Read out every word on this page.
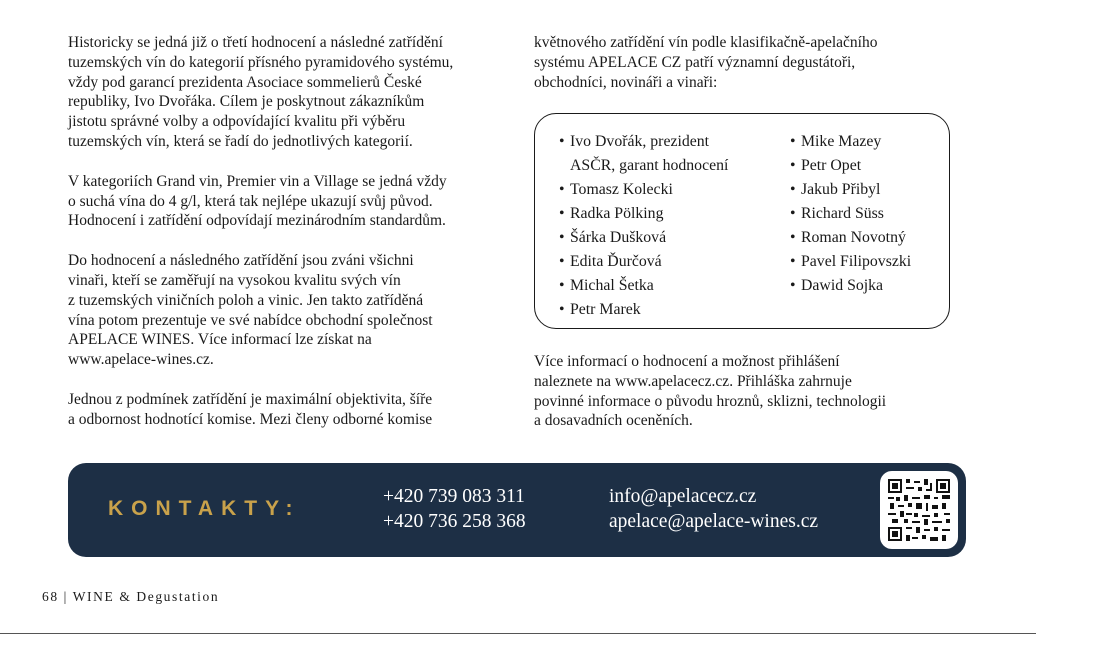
Historicky se jedná již o třetí hodnocení a následné zatřídění
tuzemských vín do kategorií přísného pyramidového systému,
vždy pod garancí prezidenta Asociace sommelierů České
republiky, Ivo Dvořáka. Cílem je poskytnout zákazníkům
jistotu správné volby a odpovídající kvalitu při výběru
tuzemských vín, která se řadí do jednotlivých kategorií.

V kategoriích Grand vin, Premier vin a Village se jedná vždy
o suchá vína do 4 g/l, která tak nejlépe ukazují svůj původ.
Hodnocení i zatřídění odpovídají mezinárodním standardům.

Do hodnocení a následného zatřídění jsou zváni všichni
vinaři, kteří se zaměřují na vysokou kvalitu svých vín
z tuzemských viničních poloh a vinic. Jen takto zatříděná
vína potom prezentuje ve své nabídce obchodní společnost
APELACE WINES. Více informací lze získat na
www.apelace-wines.cz.

Jednou z podmínek zatřídění je maximální objektivita, šíře
a odbornost hodnotící komise. Mezi členy odborné komise

květnového zatřídění vín podle klasifikačně-apelačního
systému APELACE CZ patří významní degustátoři,
obchodníci, novináři a vinaři:

• Ivo Dvořák, prezident
ASČR, garant hodnocení
• Tomasz Kolecki
• Radka Pölking
• Šárka Dušková
• Edita Ďurčová
• Michal Šetka
• Petr Marek
• Mike Mazey
• Petr Opet
• Jakub Přibyl
• Richard Süss
• Roman Novotný
• Pavel Filipovszki
• Dawid Sojka

Více informací o hodnocení a možnost přihlášení
naleznete na www.apelacecz.cz. Přihláška zahrnuje
povinné informace o původu hroznů, sklizni, technologii
a dosavadních oceněních.

KONTAKTY:
+420 739 083 311
+420 736 258 368
info@apelacecz.cz
apelace@apelace-wines.cz
68 | WINE & Degustation
